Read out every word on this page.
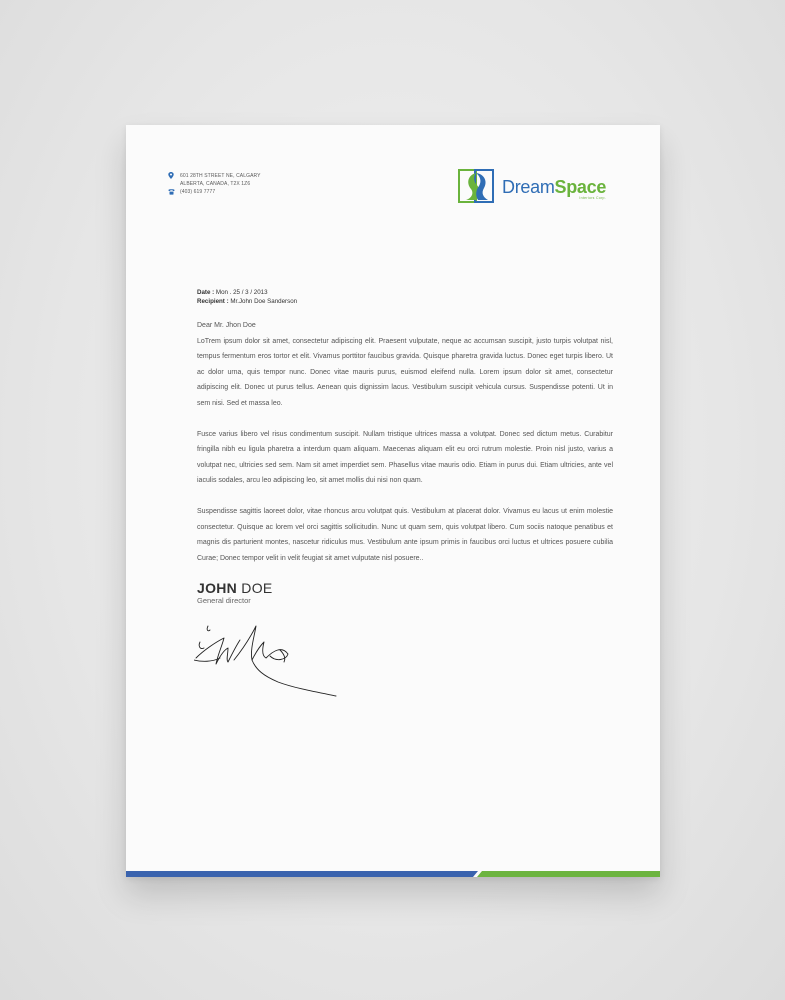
601 28TH STREET NE, CALGARY
ALBERTA, CANADA, T2X 1Z6
(403) 619 7777	DreamSpace
Interiors Corp.
Date : Mon . 25 / 3 / 2013
Recipient : Mr.John Doe Sanderson

Dear Mr. Jhon Doe

LoTrem ipsum dolor sit amet, consectetur adipiscing elit. Praesent vulputate, neque ac accumsan suscipit, justo turpis volutpat nisl, tempus fermentum eros tortor et elit. Vivamus porttitor faucibus gravida. Quisque pharetra gravida luctus. Donec eget turpis libero. Ut ac dolor urna, quis tempor nunc. Donec vitae mauris purus, euismod eleifend nulla. Lorem ipsum dolor sit amet, consectetur adipiscing elit. Donec ut purus tellus. Aenean quis dignissim lacus. Vestibulum suscipit vehicula cursus. Suspendisse potenti. Ut in sem nisi. Sed et massa leo.

Fusce varius libero vel risus condimentum suscipit. Nullam tristique ultrices massa a volutpat. Donec sed dictum metus. Curabitur fringilla nibh eu ligula pharetra a interdum quam aliquam. Maecenas aliquam elit eu orci rutrum molestie. Proin nisl justo, varius a volutpat nec, ultricies sed sem. Nam sit amet imperdiet sem. Phasellus vitae mauris odio. Etiam in purus dui. Etiam ultricies, ante vel iaculis sodales, arcu leo adipiscing leo, sit amet mollis dui nisi non quam.

Suspendisse sagittis laoreet dolor, vitae rhoncus arcu volutpat quis. Vestibulum at placerat dolor. Vivamus eu lacus ut enim molestie consectetur. Quisque ac lorem vel orci sagittis sollicitudin. Nunc ut quam sem, quis volutpat libero. Cum sociis natoque penatibus et magnis dis parturient montes, nascetur ridiculus mus. Vestibulum ante ipsum primis in faucibus orci luctus et ultrices posuere cubilia Curae; Donec tempor velit in velit feugiat sit amet vulputate nisl posuere..

JOHN DOE
General director
